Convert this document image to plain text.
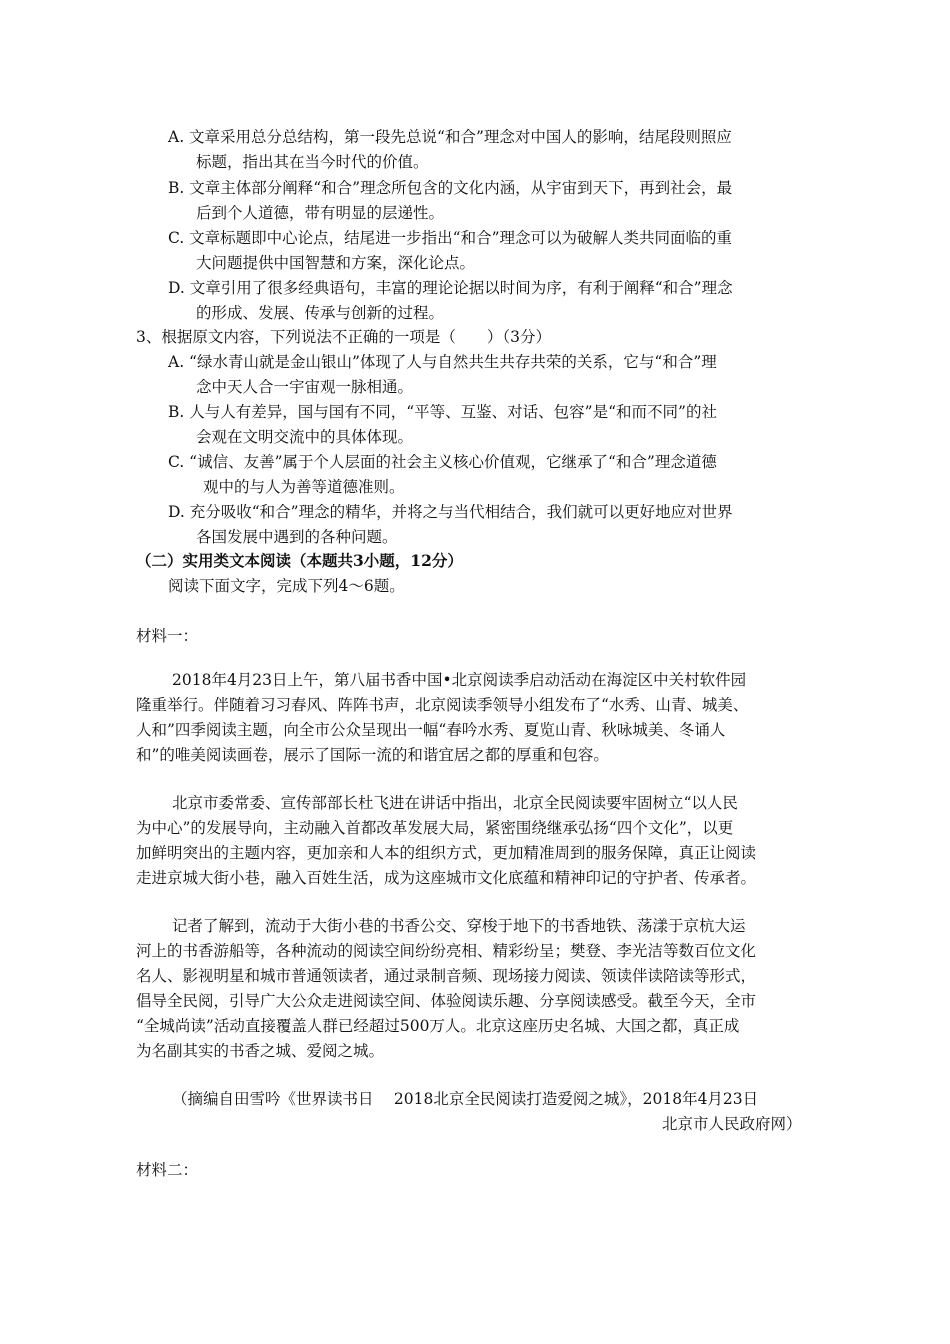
A. 文章采用总分总结构，第一段先总说“和合”理念对中国人的影响，结尾段则照应
标题，指出其在当今时代的价值。
B. 文章主体部分阐释“和合”理念所包含的文化内涵，从宇宙到天下，再到社会，最
后到个人道德，带有明显的层递性。
C. 文章标题即中心论点，结尾进一步指出“和合”理念可以为破解人类共同面临的重
大问题提供中国智慧和方案，深化论点。
D. 文章引用了很多经典语句，丰富的理论论据以时间为序，有利于阐释“和合”理念
的形成、发展、传承与创新的过程。
3、根据原文内容，下列说法不正确的一项是（　　）（3分）
A. “绿水青山就是金山银山”体现了人与自然共生共存共荣的关系，它与“和合”理
念中天人合一宇宙观一脉相通。
B. 人与人有差异，国与国有不同，“平等、互鉴、对话、包容”是“和而不同”的社
会观在文明交流中的具体体现。
C. “诚信、友善”属于个人层面的社会主义核心价值观，它继承了“和合”理念道德
观中的与人为善等道德准则。
D. 充分吸收“和合”理念的精华，并将之与当代相结合，我们就可以更好地应对世界
各国发展中遇到的各种问题。
（二）实用类文本阅读（本题共3小题，12分）
阅读下面文字，完成下列4～6题。
材料一：
2018年4月23日上午，第八届书香中国•北京阅读季启动活动在海淀区中关村软件园
隆重举行。伴随着习习春风、阵阵书声，北京阅读季领导小组发布了“水秀、山青、城美、
人和”四季阅读主题，向全市公众呈现出一幅“春吟水秀、夏览山青、秋咏城美、冬诵人
和”的唯美阅读画卷，展示了国际一流的和谐宜居之都的厚重和包容。
北京市委常委、宣传部部长杜飞进在讲话中指出，北京全民阅读要牢固树立“以人民
为中心”的发展导向，主动融入首都改革发展大局，紧密围绕继承弘扬“四个文化”，以更
加鲜明突出的主题内容，更加亲和人本的组织方式，更加精准周到的服务保障，真正让阅读
走进京城大街小巷，融入百姓生活，成为这座城市文化底蕴和精神印记的守护者、传承者。
记者了解到，流动于大街小巷的书香公交、穿梭于地下的书香地铁、荡漾于京杭大运
河上的书香游船等，各种流动的阅读空间纷纷亮相、精彩纷呈；樊登、李光洁等数百位文化
名人、影视明星和城市普通领读者，通过录制音频、现场接力阅读、领读伴读陪读等形式，
倡导全民阅，引导广大公众走进阅读空间、体验阅读乐趣、分享阅读感受。截至今天，全市
“全城尚读”活动直接覆盖人群已经超过500万人。北京这座历史名城、大国之都，真正成
为名副其实的书香之城、爱阅之城。
（摘编自田雪吟《世界读书日　 2018北京全民阅读打造爱阅之城》，2018年4月23日
北京市人民政府网）
材料二：
